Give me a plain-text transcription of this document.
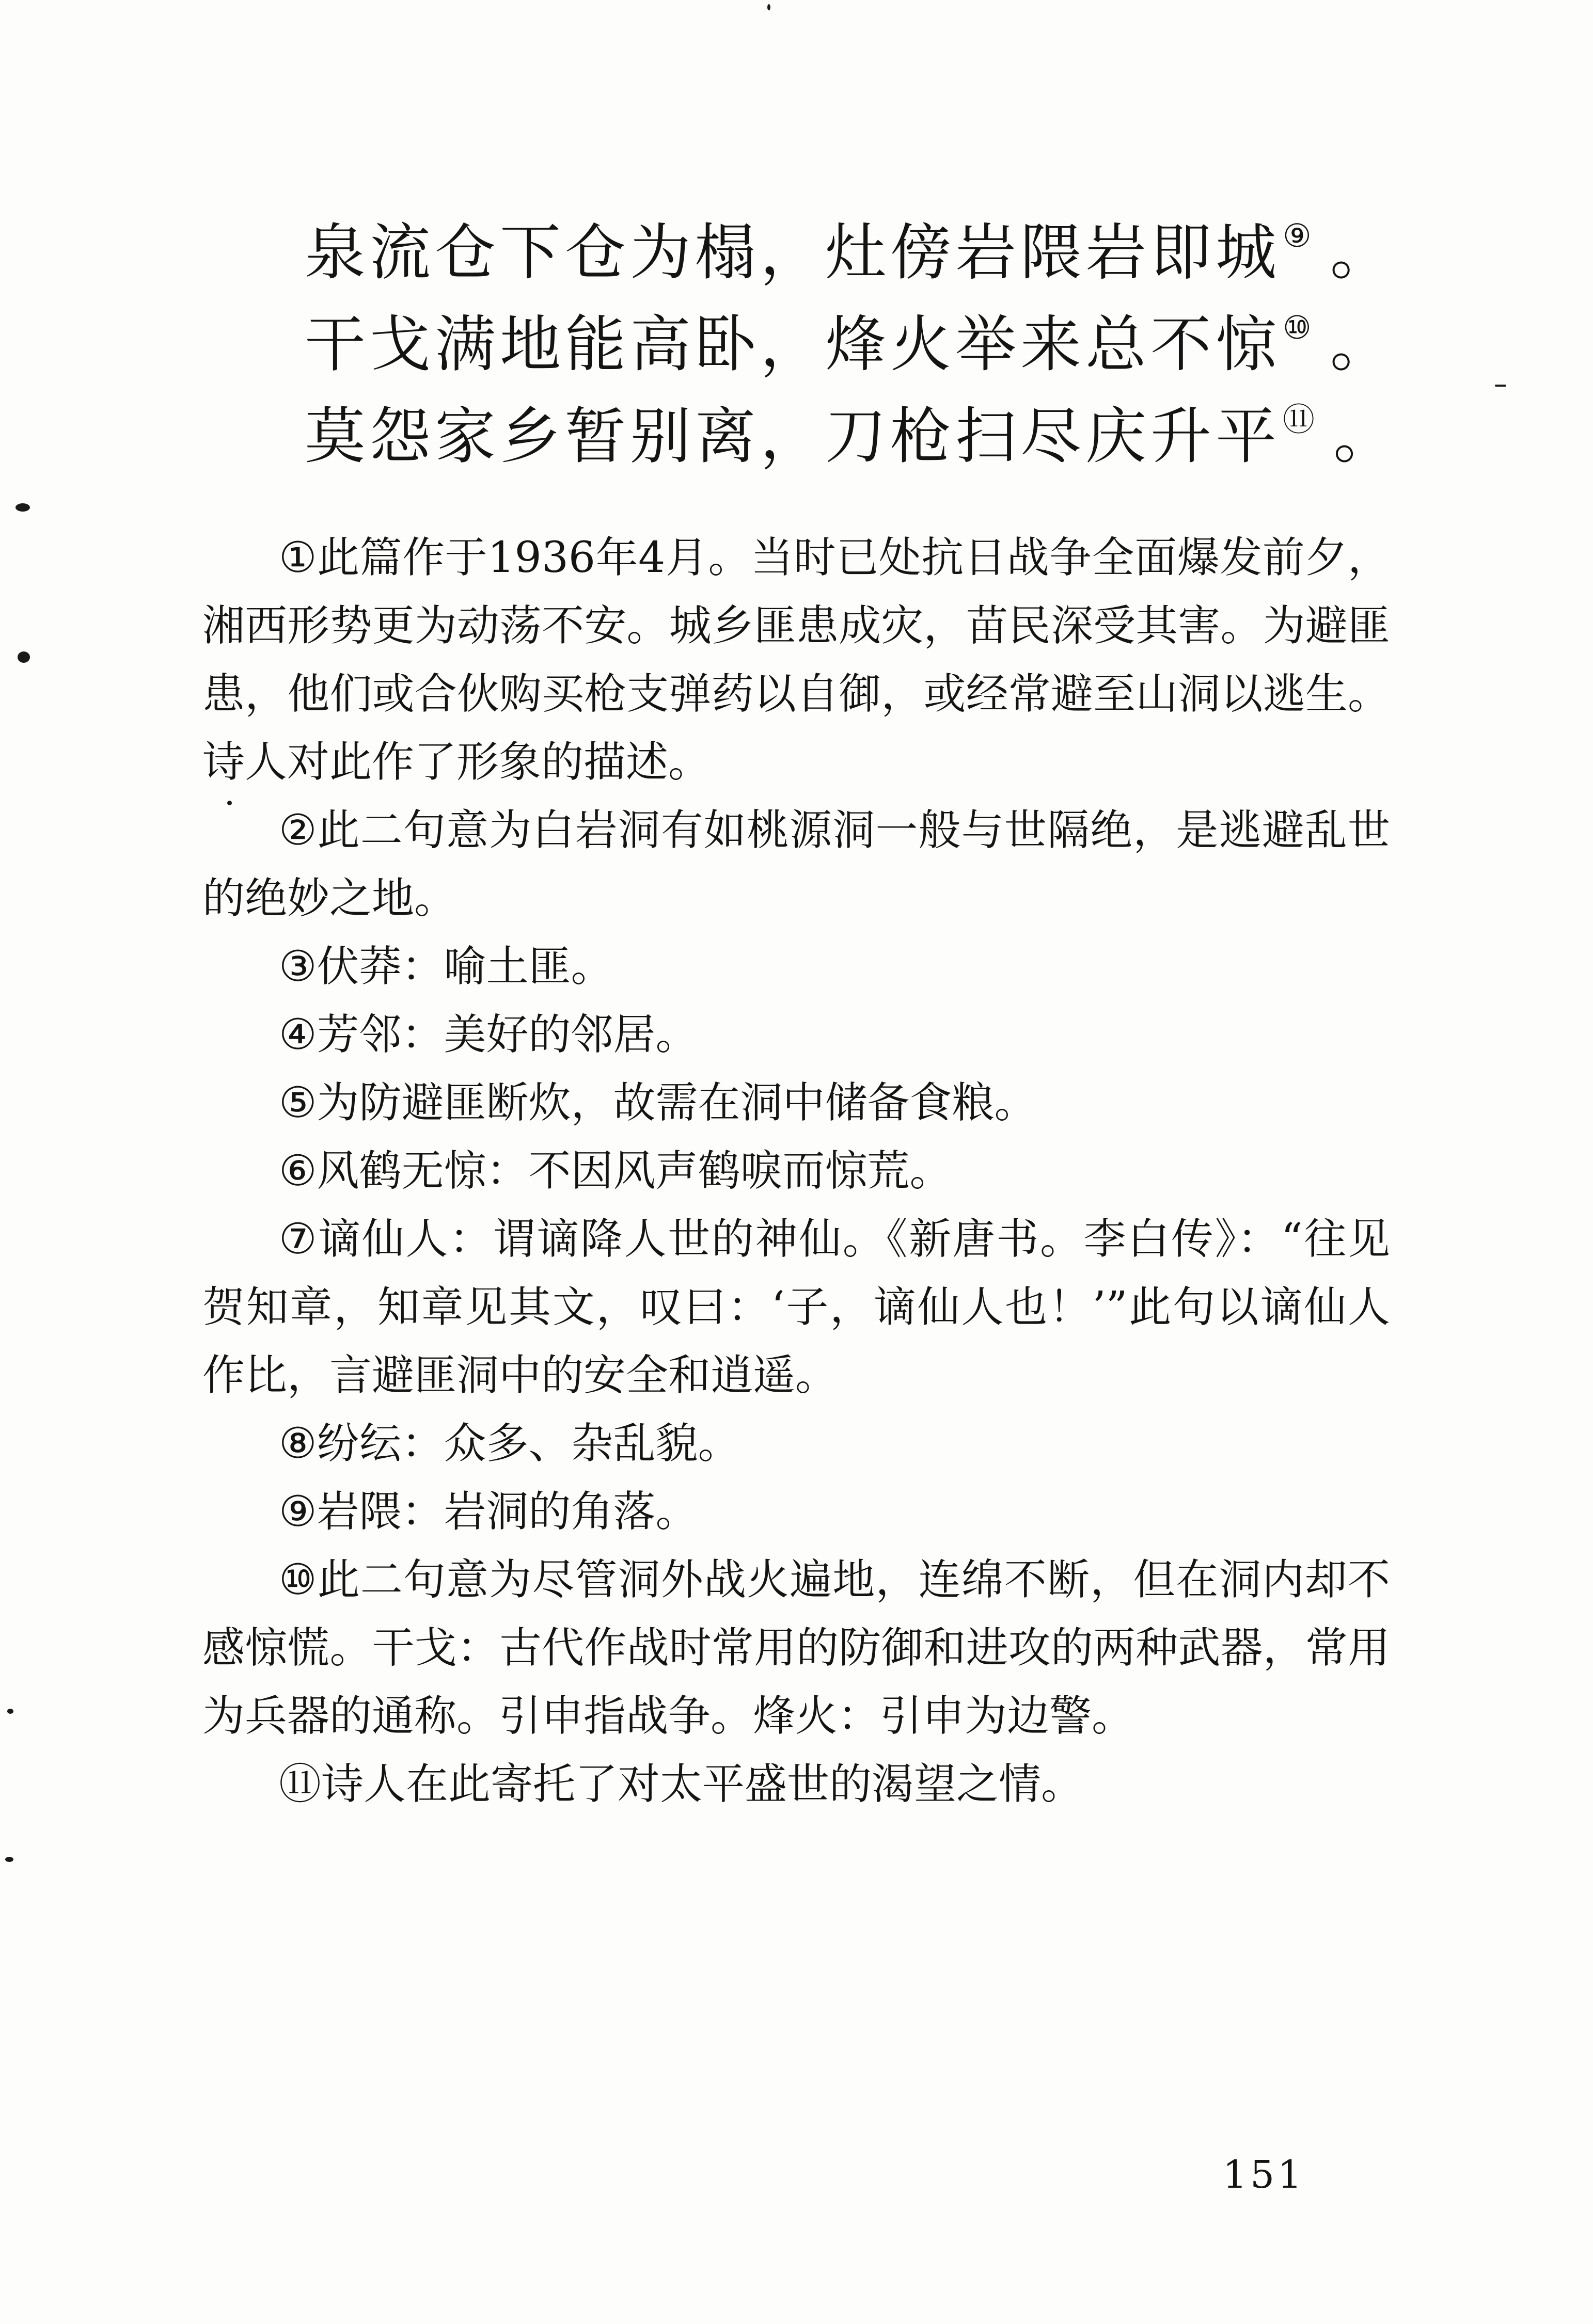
泉流仓下仓为榻，灶傍岩隈岩即城⑨ 。
干戈满地能高卧，烽火举来总不惊⑩ 。
莫怨家乡暂别离，刀枪扫尽庆升平⑪ 。

①此篇作于1936年4月。当时已处抗日战争全面爆发前夕，湘西形势更为动荡不安。城乡匪患成灾，苗民深受其害。为避匪患，他们或合伙购买枪支弹药以自御，或经常避至山洞以逃生。诗人对此作了形象的描述。

②此二句意为白岩洞有如桃源洞一般与世隔绝，是逃避乱世的绝妙之地。

③伏莽：喻土匪。

④芳邻：美好的邻居。

⑤为防避匪断炊，故需在洞中储备食粮。

⑥风鹤无惊：不因风声鹤唳而惊荒。

⑦谪仙人：谓谪降人世的神仙。《新唐书。李白传》：“往见贺知章，知章见其文，叹曰：‘子，谪仙人也！’”此句以谪仙人作比，言避匪洞中的安全和逍遥。

⑧纷纭：众多、杂乱貌。

⑨岩隈：岩洞的角落。

⑩此二句意为尽管洞外战火遍地，连绵不断，但在洞内却不感惊慌。干戈：古代作战时常用的防御和进攻的两种武器，常用为兵器的通称。引申指战争。烽火：引申为边警。

⑪诗人在此寄托了对太平盛世的渴望之情。

151
